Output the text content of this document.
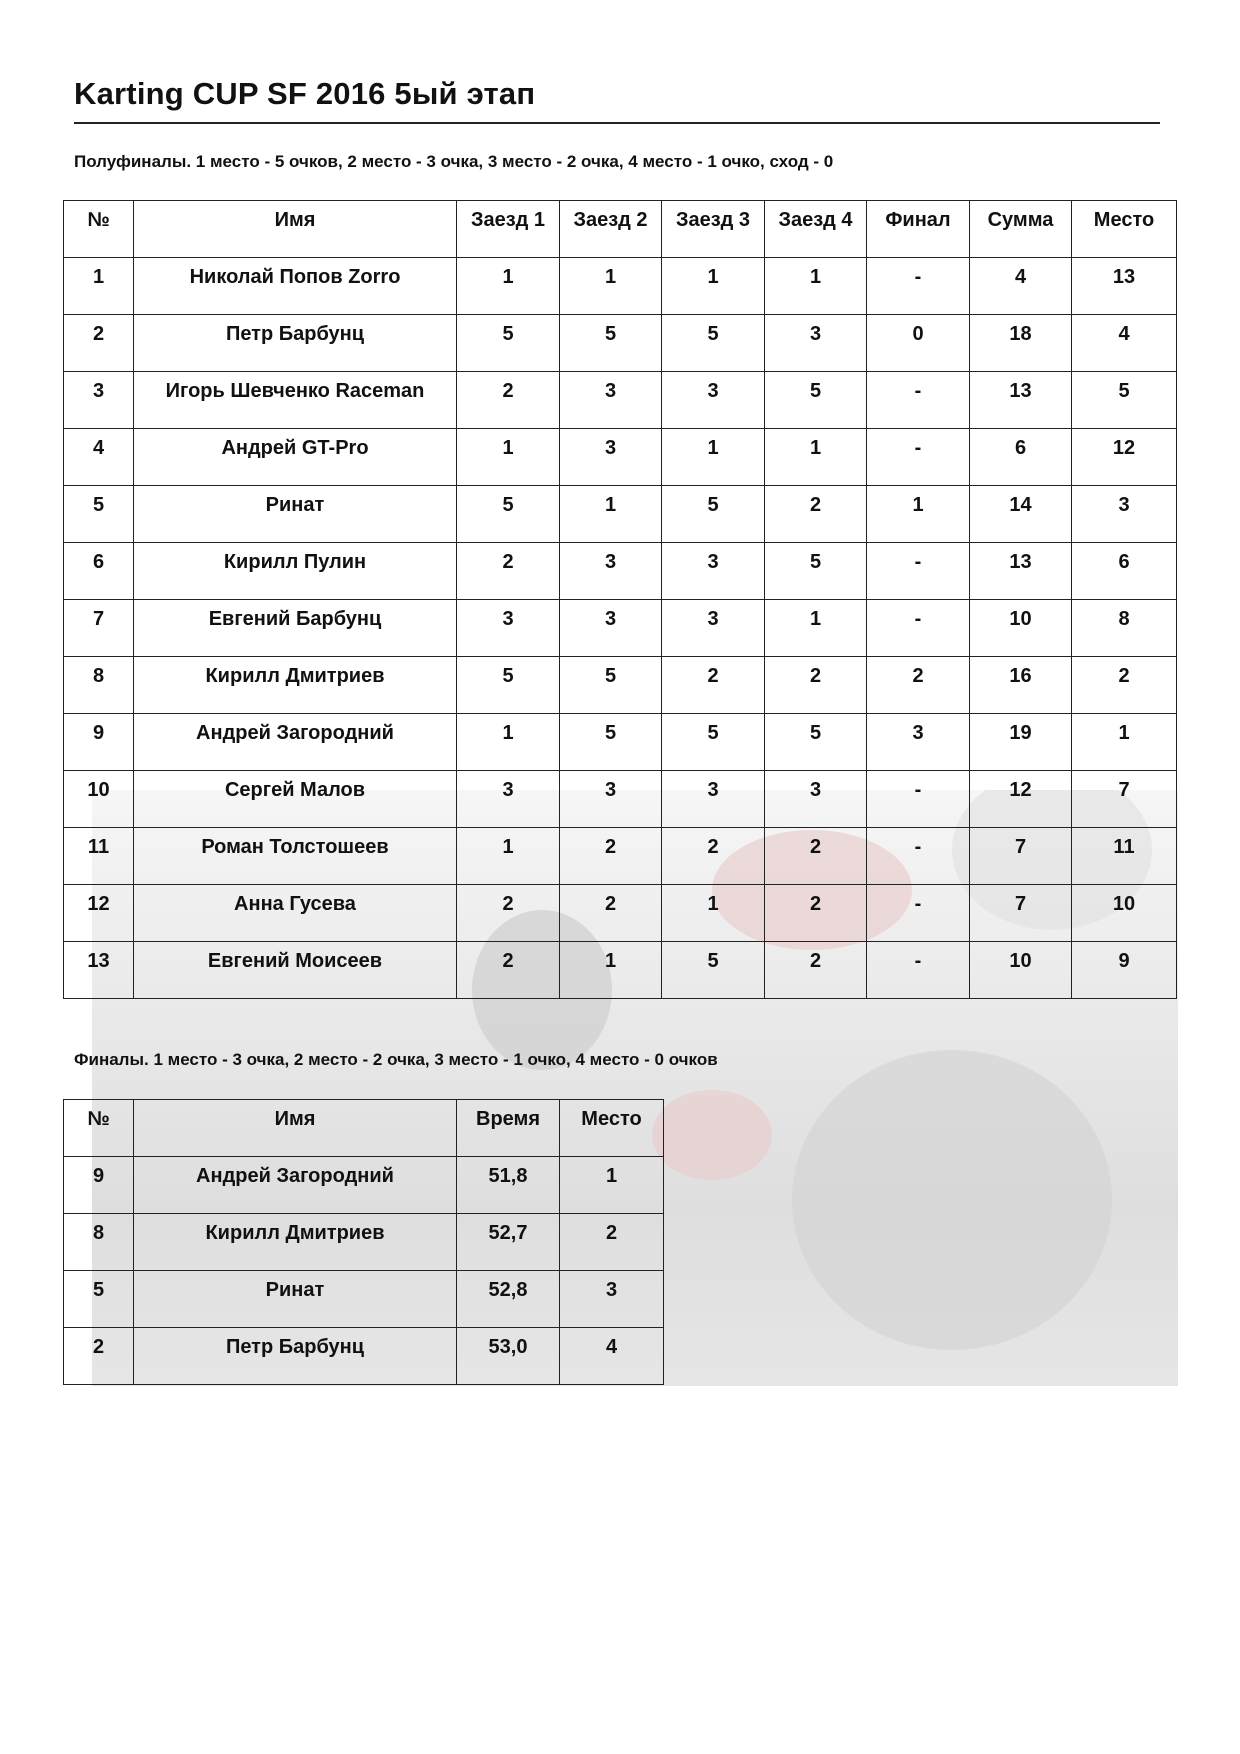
Karting CUP SF 2016 5ый этап
Полуфиналы. 1 место - 5 очков, 2 место - 3 очка, 3 место - 2 очка, 4 место - 1 очко, сход - 0
№	Имя	Заезд 1	Заезд 2	Заезд 3	Заезд 4	Финал	Сумма	Место
1	Николай Попов Zorro	1	1	1	1	-	4	13
2	Петр Барбунц	5	5	5	3	0	18	4
3	Игорь Шевченко Raceman	2	3	3	5	-	13	5
4	Андрей GT-Pro	1	3	1	1	-	6	12
5	Ринат	5	1	5	2	1	14	3
6	Кирилл Пулин	2	3	3	5	-	13	6
7	Евгений Барбунц	3	3	3	1	-	10	8
8	Кирилл Дмитриев	5	5	2	2	2	16	2
9	Андрей Загородний	1	5	5	5	3	19	1
10	Сергей Малов	3	3	3	3	-	12	7
11	Роман Толстошеев	1	2	2	2	-	7	11
12	Анна Гусева	2	2	1	2	-	7	10
13	Евгений Моисеев	2	1	5	2	-	10	9
Финалы. 1 место - 3 очка, 2 место - 2 очка, 3 место - 1 очко, 4 место - 0 очков
№	Имя	Время	Место
9	Андрей Загородний	51,8	1
8	Кирилл Дмитриев	52,7	2
5	Ринат	52,8	3
2	Петр Барбунц	53,0	4
